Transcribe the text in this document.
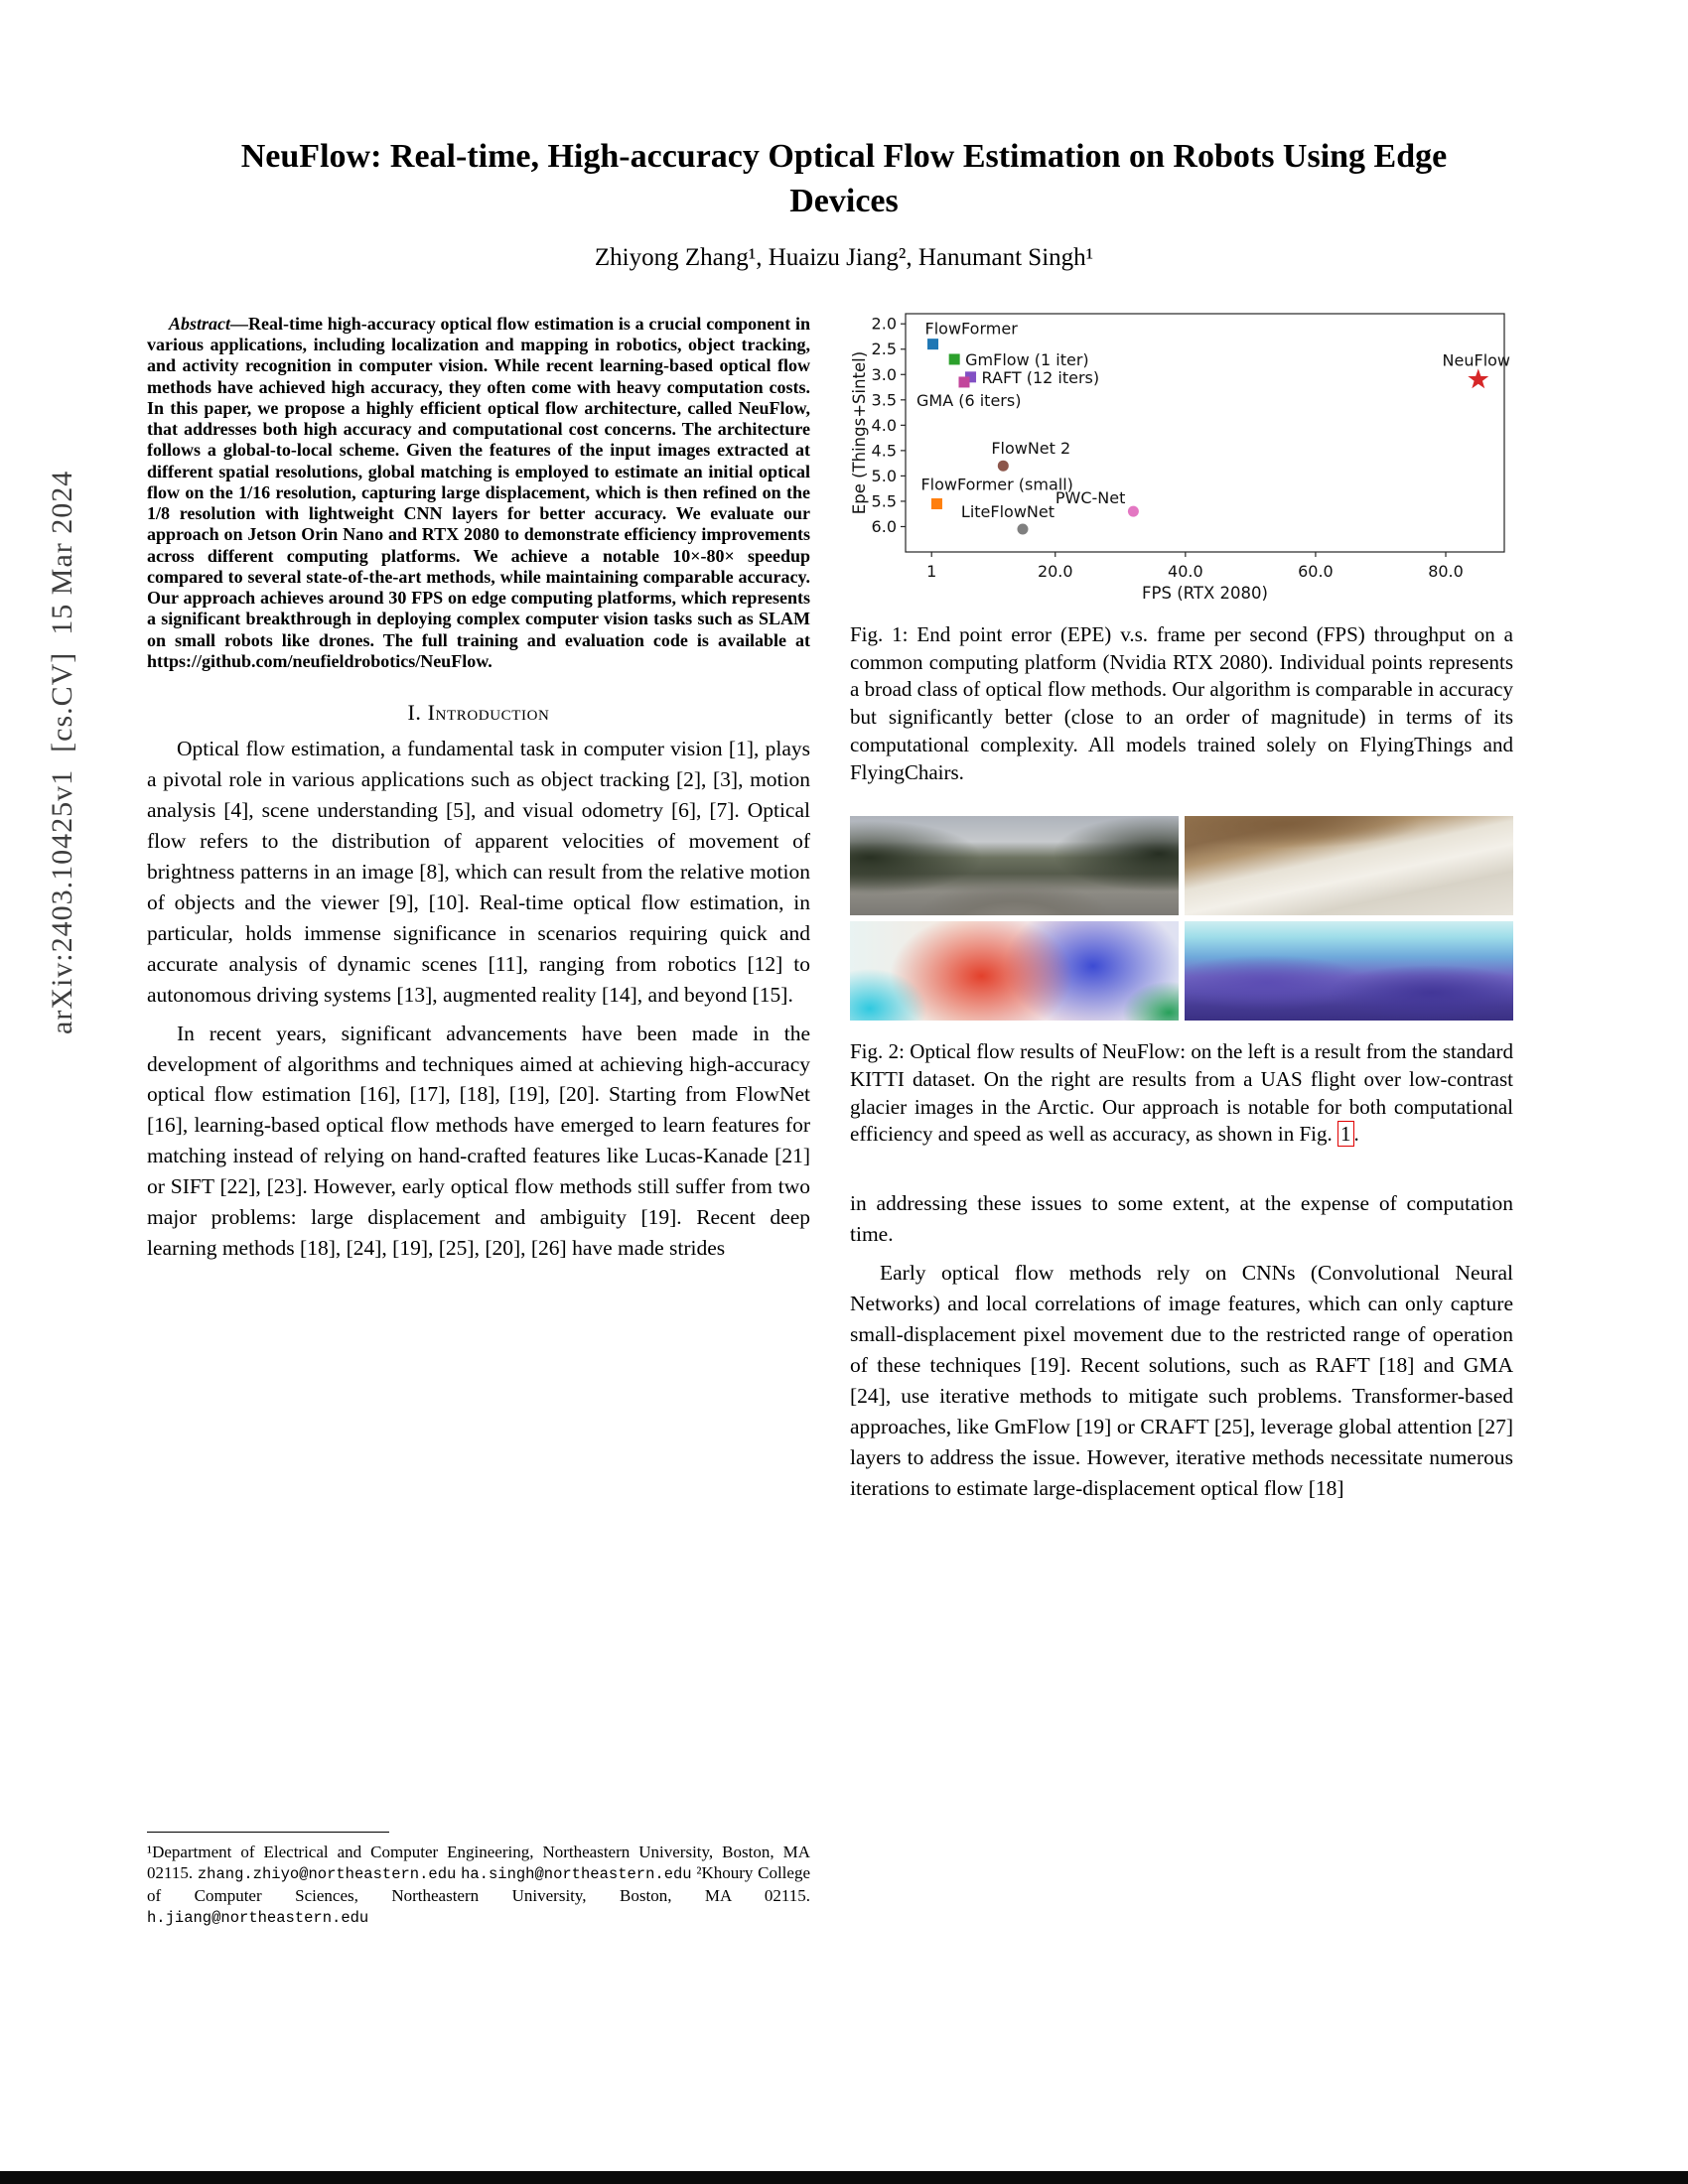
arXiv:2403.10425v1  [cs.CV]  15 Mar 2024
NeuFlow: Real-time, High-accuracy Optical Flow Estimation on Robots Using Edge Devices
Zhiyong Zhang¹, Huaizu Jiang², Hanumant Singh¹

Abstract—Real-time high-accuracy optical flow estimation is a crucial component in various applications, including localization and mapping in robotics, object tracking, and activity recognition in computer vision. While recent learning-based optical flow methods have achieved high accuracy, they often come with heavy computation costs. In this paper, we propose a highly efficient optical flow architecture, called NeuFlow, that addresses both high accuracy and computational cost concerns. The architecture follows a global-to-local scheme. Given the features of the input images extracted at different spatial resolutions, global matching is employed to estimate an initial optical flow on the 1/16 resolution, capturing large displacement, which is then refined on the 1/8 resolution with lightweight CNN layers for better accuracy. We evaluate our approach on Jetson Orin Nano and RTX 2080 to demonstrate efficiency improvements across different computing platforms. We achieve a notable 10×-80× speedup compared to several state-of-the-art methods, while maintaining comparable accuracy. Our approach achieves around 30 FPS on edge computing platforms, which represents a significant breakthrough in deploying complex computer vision tasks such as SLAM on small robots like drones. The full training and evaluation code is available at https://github.com/neufieldrobotics/NeuFlow.

I. Introduction

Optical flow estimation, a fundamental task in computer vision [1], plays a pivotal role in various applications such as object tracking [2], [3], motion analysis [4], scene understanding [5], and visual odometry [6], [7]. Optical flow refers to the distribution of apparent velocities of movement of brightness patterns in an image [8], which can result from the relative motion of objects and the viewer [9], [10]. Real-time optical flow estimation, in particular, holds immense significance in scenarios requiring quick and accurate analysis of dynamic scenes [11], ranging from robotics [12] to autonomous driving systems [13], augmented reality [14], and beyond [15].

In recent years, significant advancements have been made in the development of algorithms and techniques aimed at achieving high-accuracy optical flow estimation [16], [17], [18], [19], [20]. Starting from FlowNet [16], learning-based optical flow methods have emerged to learn features for matching instead of relying on hand-crafted features like Lucas-Kanade [21] or SIFT [22], [23]. However, early optical flow methods still suffer from two major problems: large displacement and ambiguity [19]. Recent deep learning methods [18], [24], [19], [25], [20], [26] have made strides

¹Department of Electrical and Computer Engineering, Northeastern University, Boston, MA 02115. zhang.zhiyo@northeastern.edu ha.singh@northeastern.edu ²Khoury College of Computer Sciences, Northeastern University, Boston, MA 02115. h.jiang@northeastern.edu
1	20.0	40.0	60.0	80.0
FPS (RTX 2080)
2.0
2.5
3.0
3.5
4.0
4.5
5.0
5.5
6.0
Epe (Things+Sintel)
FlowFormer
GmFlow (1 iter)
RAFT (12 iters)
GMA (6 iters)
NeuFlow
FlowNet 2
FlowFormer (small)
PWC-Net
LiteFlowNet
Fig. 1: End point error (EPE) v.s. frame per second (FPS) throughput on a common computing platform (Nvidia RTX 2080). Individual points represents a broad class of optical flow methods. Our algorithm is comparable in accuracy but significantly better (close to an order of magnitude) in terms of its computational complexity. All models trained solely on FlyingThings and FlyingChairs.
Fig. 2: Optical flow results of NeuFlow: on the left is a result from the standard KITTI dataset. On the right are results from a UAS flight over low-contrast glacier images in the Arctic. Our approach is notable for both computational efficiency and speed as well as accuracy, as shown in Fig. 1 .

in addressing these issues to some extent, at the expense of computation time.

Early optical flow methods rely on CNNs (Convolutional Neural Networks) and local correlations of image features, which can only capture small-displacement pixel movement due to the restricted range of operation of these techniques [19]. Recent solutions, such as RAFT [18] and GMA [24], use iterative methods to mitigate such problems. Transformer-based approaches, like GmFlow [19] or CRAFT [25], leverage global attention [27] layers to address the issue. However, iterative methods necessitate numerous iterations to estimate large-displacement optical flow [18]
